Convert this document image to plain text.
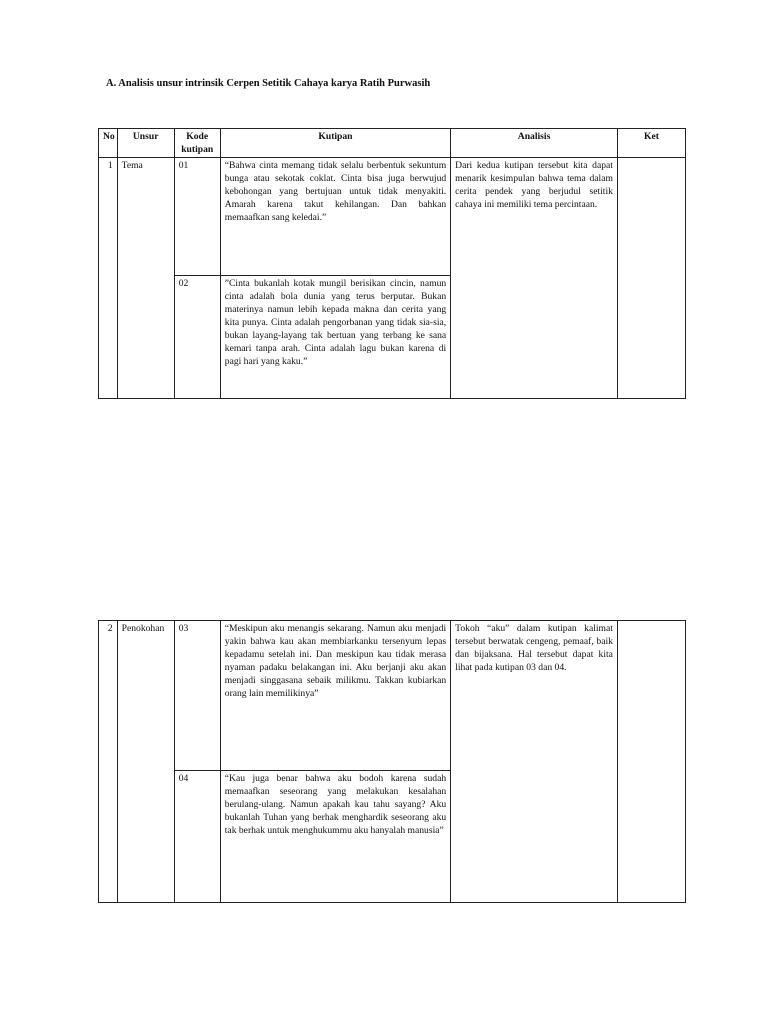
A. Analisis unsur intrinsik Cerpen Setitik Cahaya karya Ratih Purwasih
No	Unsur	Kode kutipan	Kutipan	Analisis	Ket
1	Tema	01	“Bahwa cinta memang tidak selalu berbentuk sekuntum bunga atau sekotak coklat. Cinta bisa juga berwujud kebohongan yang bertujuan untuk tidak menyakiti. Amarah karena takut kehilangan. Dan bahkan memaafkan sang keledai.”	Dari kedua kutipan tersebut kita dapat menarik kesimpulan bahwa tema dalam cerita pendek yang berjudul setitik cahaya ini memiliki tema percintaan.	
		02	”Cinta bukanlah kotak mungil berisikan cincin, namun cinta adalah bola dunia yang terus berputar. Bukan materinya namun lebih kepada makna dan cerita yang kita punya. Cinta adalah pengorbanan yang tidak sia-sia, bukan layang-layang tak bertuan yang terbang ke sana kemari tanpa arah. Cinta adalah lagu bukan karena di pagi hari yang kaku.”		
2	Penokohan	03	“Meskipun aku menangis sekarang. Namun aku menjadi yakin bahwa kau akan membiarkanku tersenyum lepas kepadamu setelah ini. Dan meskipun kau tidak merasa nyaman padaku belakangan ini. Aku berjanji aku akan menjadi singgasana sebaik milikmu. Takkan kubiarkan orang lain memilikinya”	Tokoh “aku” dalam kutipan kalimat tersebut berwatak cengeng, pemaaf, baik dan bijaksana. Hal tersebut dapat kita lihat pada kutipan 03 dan 04.	
		04	“Kau juga benar bahwa aku bodoh karena sudah memaafkan seseorang yang melakukan kesalahan berulang-ulang. Namun apakah kau tahu sayang? Aku bukanlah Tuhan yang berhak menghardik seseorang aku tak berhak untuk menghukummu aku hanyalah manusia”		
